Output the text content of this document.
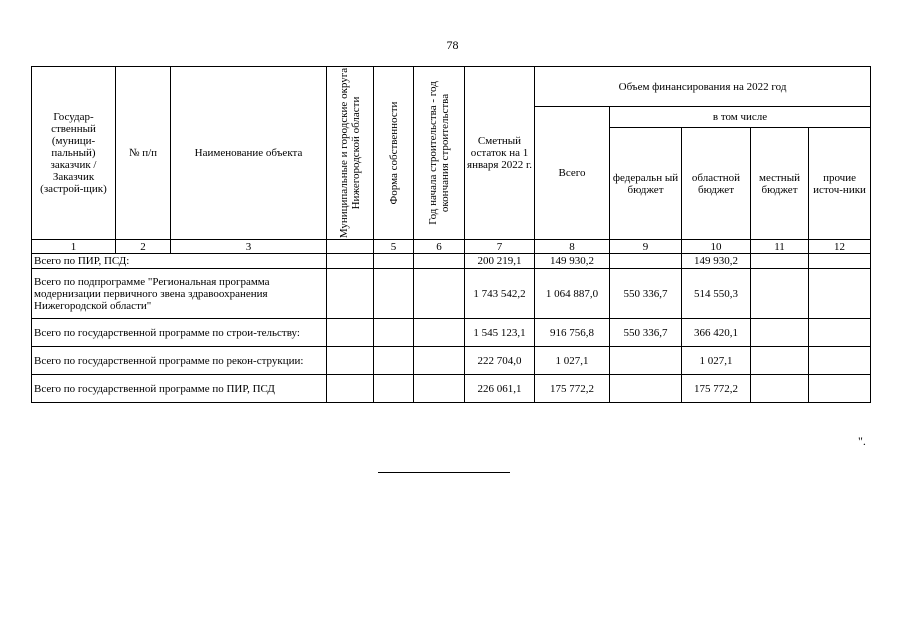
78
Государ-ственный (муници-пальный) заказчик / Заказчик (застрой-щик)	№ п/п	Наименование объекта	Муниципальные и городские округа Нижегородской области	Форма собственности	Год начала строительства - год окончания строительства	Сметный остаток на 1 января 2022 г.	Объем финансирования на 2022 год				
							Всего	в том числе			
								федеральн ый бюджет	областной бюджет	местный бюджет	прочие источ-ники
1	2	3		5	6	7	8	9	10	11	12
Всего по ПИР, ПСД:						200 219,1	149 930,2		149 930,2		
Всего по подпрограмме "Региональная программа модернизации первичного звена здравоохранения Нижегородской области"						1 743 542,2	1 064 887,0	550 336,7	514 550,3		
Всего по государственной программе по строи-тельству:						1 545 123,1	916 756,8	550 336,7	366 420,1		
Всего по государственной программе по рекон-струкции:						222 704,0	1 027,1		1 027,1		
Всего по государственной программе по ПИР, ПСД						226 061,1	175 772,2		175 772,2		
".
